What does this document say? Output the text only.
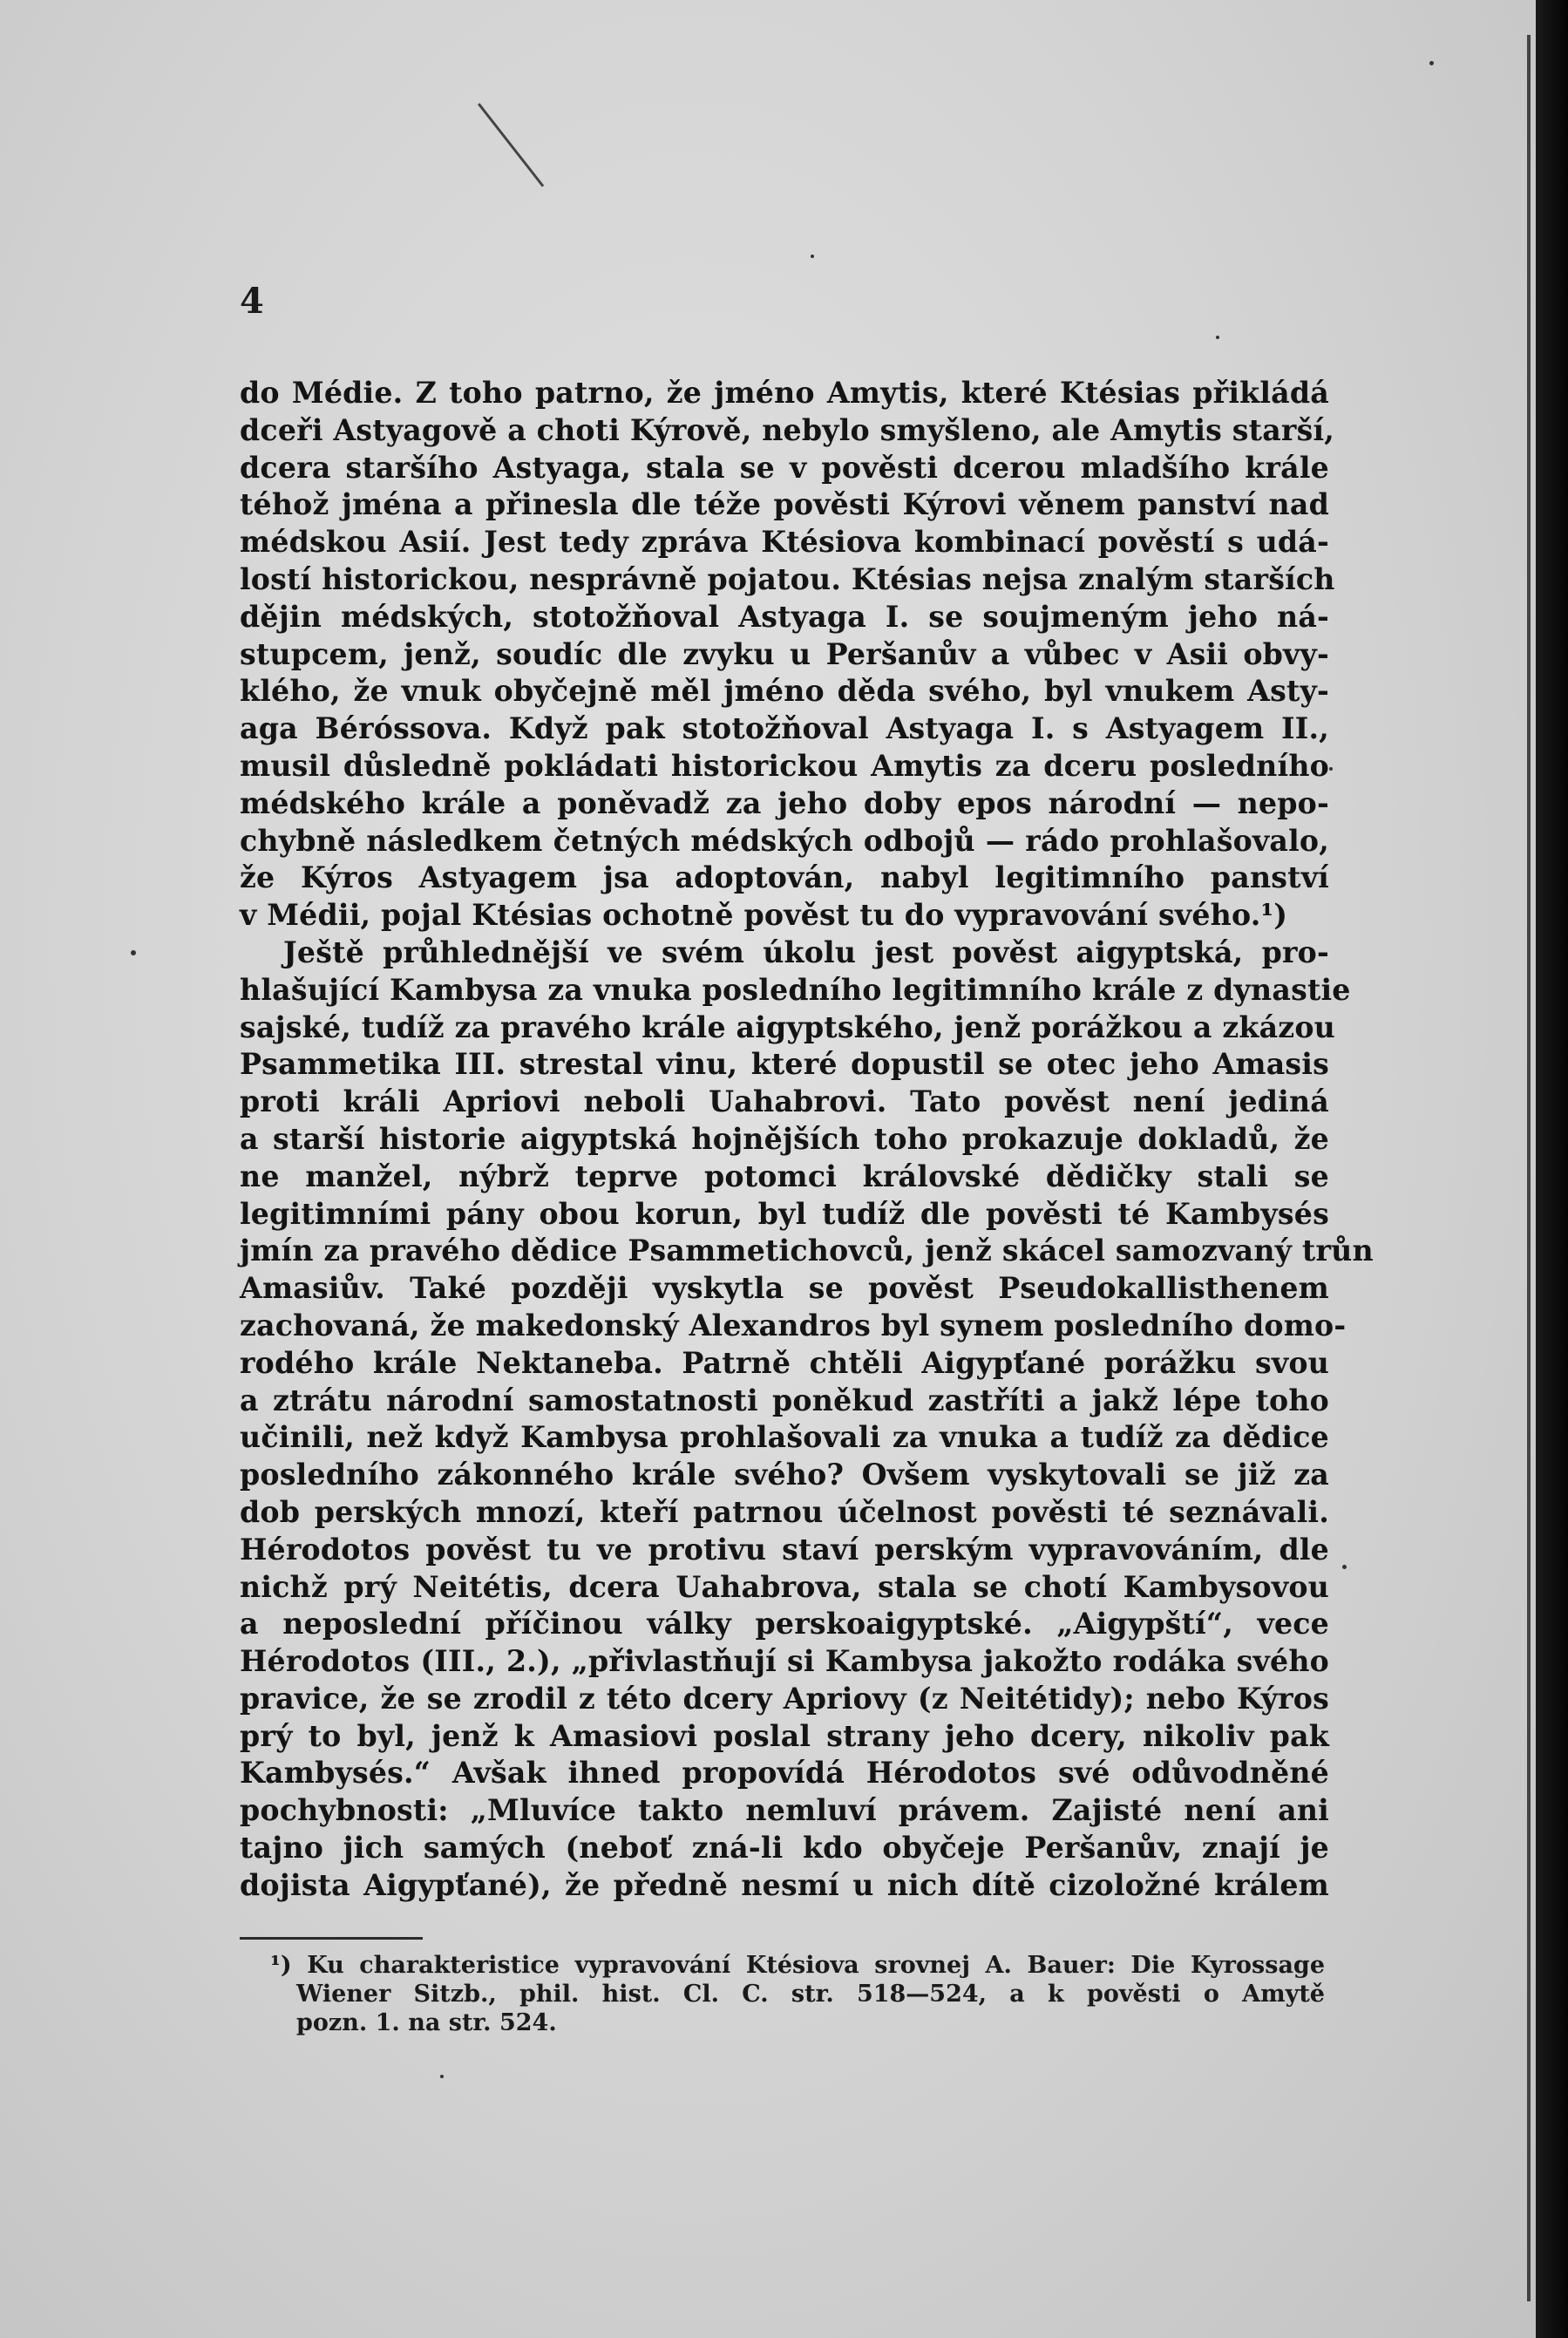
4
do Médie. Z toho patrno, že jméno Amytis, které Ktésias přikládá
dceři Astyagově a choti Kýrově, nebylo smyšleno, ale Amytis starší,
dcera staršího Astyaga, stala se v pověsti dcerou mladšího krále
téhož jména a přinesla dle téže pověsti Kýrovi věnem panství nad
médskou Asií. Jest tedy zpráva Ktésiova kombinací pověstí s udá-
lostí historickou, nesprávně pojatou. Ktésias nejsa znalým starších
dějin médských, stotožňoval Astyaga I. se soujmeným jeho ná-
stupcem, jenž, soudíc dle zvyku u Peršanův a vůbec v Asii obvy-
klého, že vnuk obyčejně měl jméno děda svého, byl vnukem Asty-
aga Béróssova. Když pak stotožňoval Astyaga I. s Astyagem II.,
musil důsledně pokládati historickou Amytis za dceru posledního
médského krále a poněvadž za jeho doby epos národní — nepo-
chybně následkem četných médských odbojů — rádo prohlašovalo,
že Kýros Astyagem jsa adoptován, nabyl legitimního panství
v Médii, pojal Ktésias ochotně pověst tu do vypravování svého.¹)
Ještě průhlednější ve svém úkolu jest pověst aigyptská, pro-
hlašující Kambysa za vnuka posledního legitimního krále z dynastie
sajské, tudíž za pravého krále aigyptského, jenž porážkou a zkázou
Psammetika III. strestal vinu, které dopustil se otec jeho Amasis
proti králi Apriovi neboli Uahabrovi. Tato pověst není jediná
a starší historie aigyptská hojnějších toho prokazuje dokladů, že
ne manžel, nýbrž teprve potomci královské dědičky stali se
legitimními pány obou korun, byl tudíž dle pověsti té Kambysés
jmín za pravého dědice Psammetichovců, jenž skácel samozvaný trůn
Amasiův. Také později vyskytla se pověst Pseudokallisthenem
zachovaná, že makedonský Alexandros byl synem posledního domo-
rodého krále Nektaneba. Patrně chtěli Aigypťané porážku svou
a ztrátu národní samostatnosti poněkud zastříti a jakž lépe toho
učinili, než když Kambysa prohlašovali za vnuka a tudíž za dědice
posledního zákonného krále svého? Ovšem vyskytovali se již za
dob perských mnozí, kteří patrnou účelnost pověsti té seznávali.
Hérodotos pověst tu ve protivu staví perským vypravováním, dle
nichž prý Neitétis, dcera Uahabrova, stala se chotí Kambysovou
a neposlední příčinou války perskoaigyptské. „Aigypští“, vece
Hérodotos (III., 2.), „přivlastňují si Kambysa jakožto rodáka svého
pravice, že se zrodil z této dcery Apriovy (z Neitétidy); nebo Kýros
prý to byl, jenž k Amasiovi poslal strany jeho dcery, nikoliv pak
Kambysés.“ Avšak ihned propovídá Hérodotos své odůvodněné
pochybnosti: „Mluvíce takto nemluví právem. Zajisté není ani
tajno jich samých (neboť zná-li kdo obyčeje Peršanův, znají je
dojista Aigypťané), že předně nesmí u nich dítě cizoložné králem
¹) Ku charakteristice vypravování Ktésiova srovnej A. Bauer: Die Kyrossage
Wiener Sitzb., phil. hist. Cl. C. str. 518—524, a k pověsti o Amytě
pozn. 1. na str. 524.
